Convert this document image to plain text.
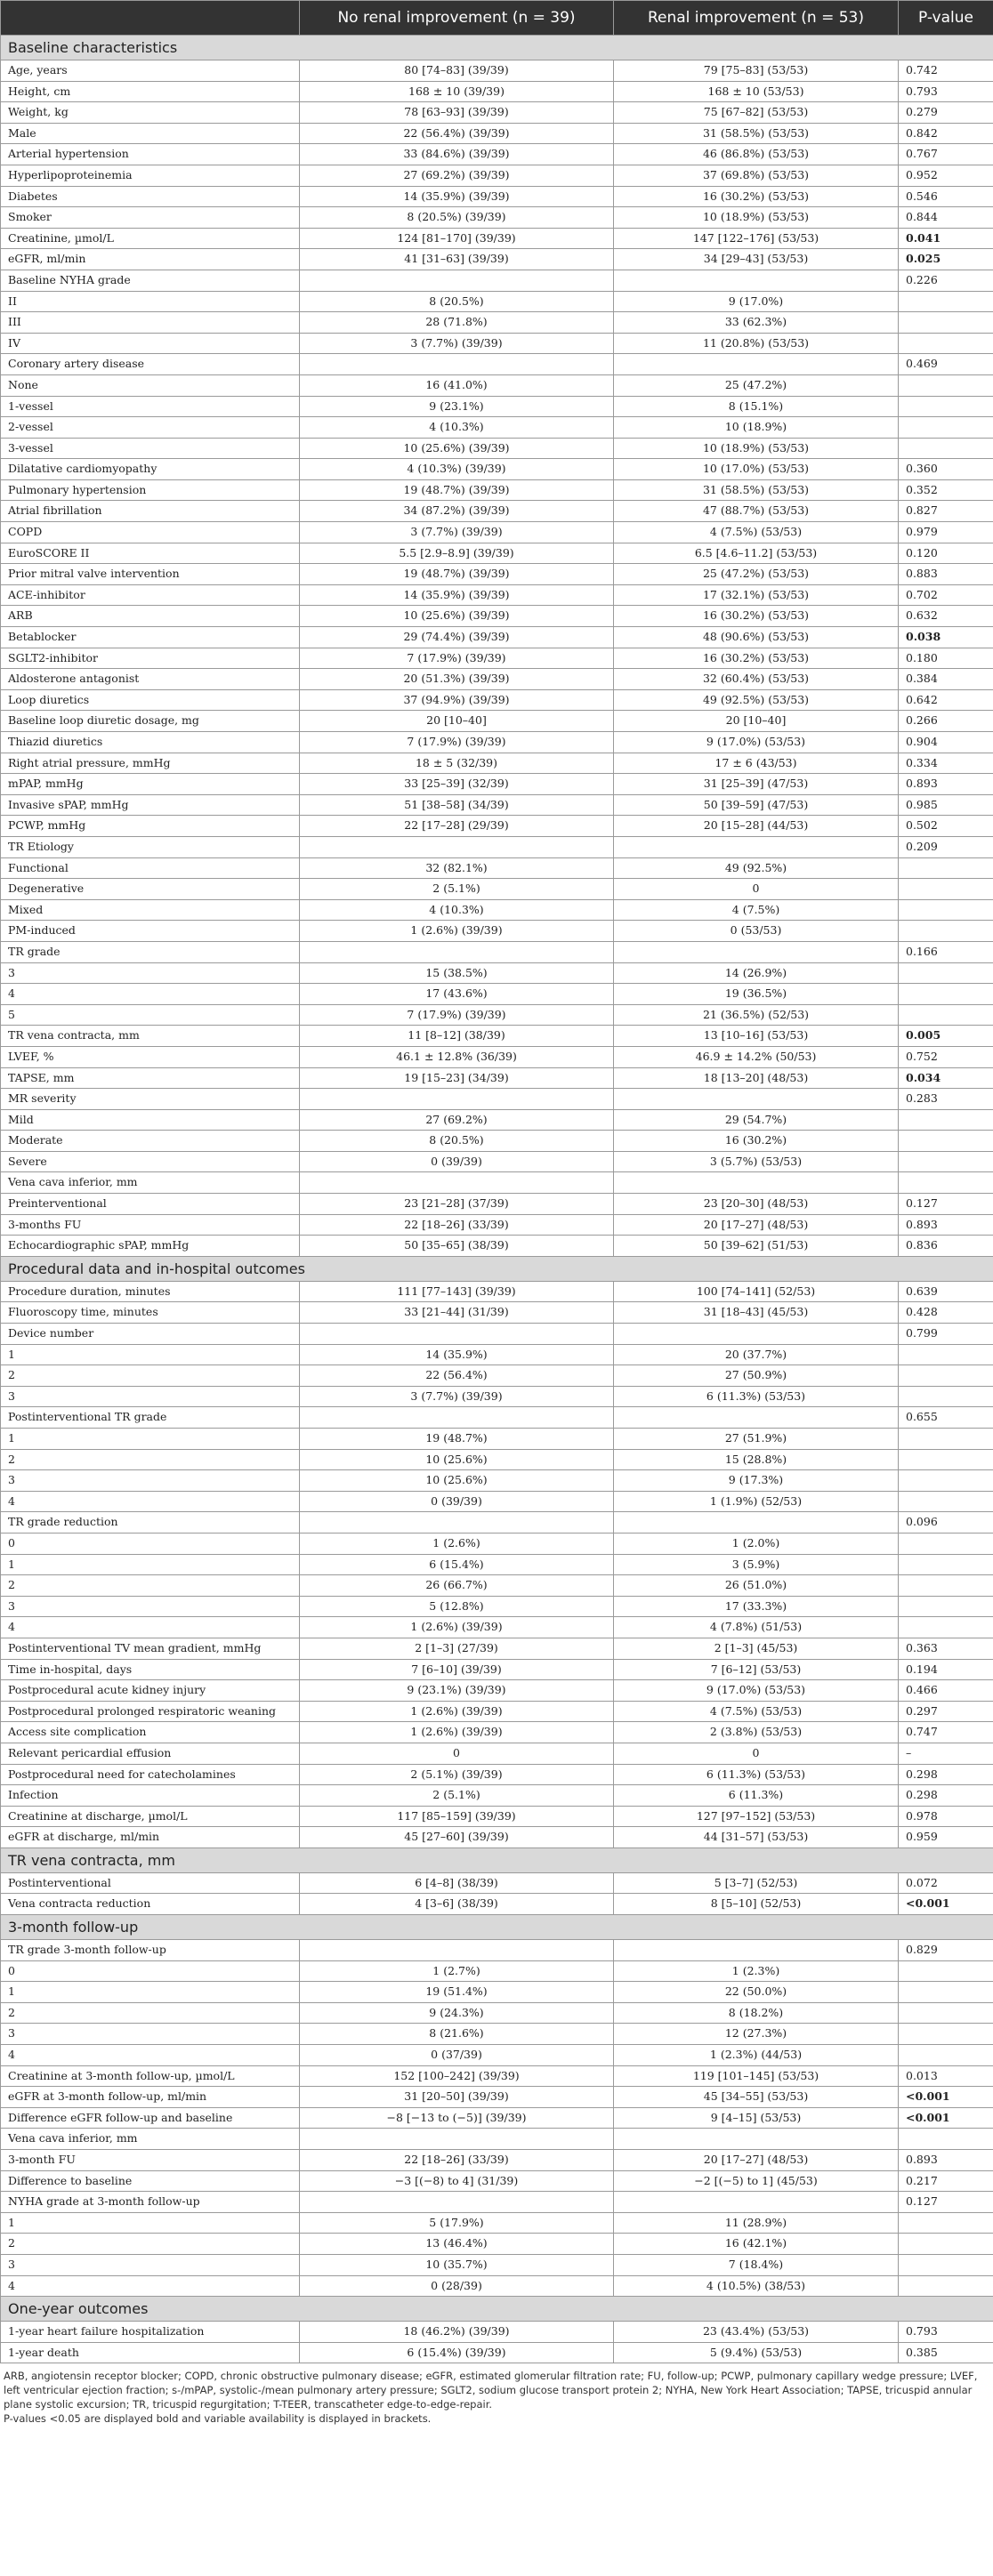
	No renal improvement (n = 39)	Renal improvement (n = 53)	P-value
Baseline characteristics			
Age, years	80 [74–83] (39/39)	79 [75–83] (53/53)	0.742
Height, cm	168 ± 10 (39/39)	168 ± 10 (53/53)	0.793
Weight, kg	78 [63–93] (39/39)	75 [67–82] (53/53)	0.279
Male	22 (56.4%) (39/39)	31 (58.5%) (53/53)	0.842
Arterial hypertension	33 (84.6%) (39/39)	46 (86.8%) (53/53)	0.767
Hyperlipoproteinemia	27 (69.2%) (39/39)	37 (69.8%) (53/53)	0.952
Diabetes	14 (35.9%) (39/39)	16 (30.2%) (53/53)	0.546
Smoker	8 (20.5%) (39/39)	10 (18.9%) (53/53)	0.844
Creatinine, µmol/L	124 [81–170] (39/39)	147 [122–176] (53/53)	0.041
eGFR, ml/min	41 [31–63] (39/39)	34 [29–43] (53/53)	0.025
Baseline NYHA grade			0.226
II	8 (20.5%)	9 (17.0%)	
III	28 (71.8%)	33 (62.3%)	
IV	3 (7.7%) (39/39)	11 (20.8%) (53/53)	
Coronary artery disease			0.469
None	16 (41.0%)	25 (47.2%)	
1-vessel	9 (23.1%)	8 (15.1%)	
2-vessel	4 (10.3%)	10 (18.9%)	
3-vessel	10 (25.6%) (39/39)	10 (18.9%) (53/53)	
Dilatative cardiomyopathy	4 (10.3%) (39/39)	10 (17.0%) (53/53)	0.360
Pulmonary hypertension	19 (48.7%) (39/39)	31 (58.5%) (53/53)	0.352
Atrial fibrillation	34 (87.2%) (39/39)	47 (88.7%) (53/53)	0.827
COPD	3 (7.7%) (39/39)	4 (7.5%) (53/53)	0.979
EuroSCORE II	5.5 [2.9–8.9] (39/39)	6.5 [4.6–11.2] (53/53)	0.120
Prior mitral valve intervention	19 (48.7%) (39/39)	25 (47.2%) (53/53)	0.883
ACE-inhibitor	14 (35.9%) (39/39)	17 (32.1%) (53/53)	0.702
ARB	10 (25.6%) (39/39)	16 (30.2%) (53/53)	0.632
Betablocker	29 (74.4%) (39/39)	48 (90.6%) (53/53)	0.038
SGLT2-inhibitor	7 (17.9%) (39/39)	16 (30.2%) (53/53)	0.180
Aldosterone antagonist	20 (51.3%) (39/39)	32 (60.4%) (53/53)	0.384
Loop diuretics	37 (94.9%) (39/39)	49 (92.5%) (53/53)	0.642
Baseline loop diuretic dosage, mg	20 [10–40]	20 [10–40]	0.266
Thiazid diuretics	7 (17.9%) (39/39)	9 (17.0%) (53/53)	0.904
Right atrial pressure, mmHg	18 ± 5 (32/39)	17 ± 6 (43/53)	0.334
mPAP, mmHg	33 [25–39] (32/39)	31 [25–39] (47/53)	0.893
Invasive sPAP, mmHg	51 [38–58] (34/39)	50 [39–59] (47/53)	0.985
PCWP, mmHg	22 [17–28] (29/39)	20 [15–28] (44/53)	0.502
TR Etiology			0.209
Functional	32 (82.1%)	49 (92.5%)	
Degenerative	2 (5.1%)	0	
Mixed	4 (10.3%)	4 (7.5%)	
PM-induced	1 (2.6%) (39/39)	0 (53/53)	
TR grade			0.166
3	15 (38.5%)	14 (26.9%)	
4	17 (43.6%)	19 (36.5%)	
5	7 (17.9%) (39/39)	21 (36.5%) (52/53)	
TR vena contracta, mm	11 [8–12] (38/39)	13 [10–16] (53/53)	0.005
LVEF, %	46.1 ± 12.8% (36/39)	46.9 ± 14.2% (50/53)	0.752
TAPSE, mm	19 [15–23] (34/39)	18 [13–20] (48/53)	0.034
MR severity			0.283
Mild	27 (69.2%)	29 (54.7%)	
Moderate	8 (20.5%)	16 (30.2%)	
Severe	0 (39/39)	3 (5.7%) (53/53)	
Vena cava inferior, mm			
Preinterventional	23 [21–28] (37/39)	23 [20–30] (48/53)	0.127
3-months FU	22 [18–26] (33/39)	20 [17–27] (48/53)	0.893
Echocardiographic sPAP, mmHg	50 [35–65] (38/39)	50 [39–62] (51/53)	0.836
Procedural data and in-hospital outcomes			
Procedure duration, minutes	111 [77–143] (39/39)	100 [74–141] (52/53)	0.639
Fluoroscopy time, minutes	33 [21–44] (31/39)	31 [18–43] (45/53)	0.428
Device number			0.799
1	14 (35.9%)	20 (37.7%)	
2	22 (56.4%)	27 (50.9%)	
3	3 (7.7%) (39/39)	6 (11.3%) (53/53)	
Postinterventional TR grade			0.655
1	19 (48.7%)	27 (51.9%)	
2	10 (25.6%)	15 (28.8%)	
3	10 (25.6%)	9 (17.3%)	
4	0 (39/39)	1 (1.9%) (52/53)	
TR grade reduction			0.096
0	1 (2.6%)	1 (2.0%)	
1	6 (15.4%)	3 (5.9%)	
2	26 (66.7%)	26 (51.0%)	
3	5 (12.8%)	17 (33.3%)	
4	1 (2.6%) (39/39)	4 (7.8%) (51/53)	
Postinterventional TV mean gradient, mmHg	2 [1–3] (27/39)	2 [1–3] (45/53)	0.363
Time in-hospital, days	7 [6–10] (39/39)	7 [6–12] (53/53)	0.194
Postprocedural acute kidney injury	9 (23.1%) (39/39)	9 (17.0%) (53/53)	0.466
Postprocedural prolonged respiratoric weaning	1 (2.6%) (39/39)	4 (7.5%) (53/53)	0.297
Access site complication	1 (2.6%) (39/39)	2 (3.8%) (53/53)	0.747
Relevant pericardial effusion	0	0	–
Postprocedural need for catecholamines	2 (5.1%) (39/39)	6 (11.3%) (53/53)	0.298
Infection	2 (5.1%)	6 (11.3%)	0.298
Creatinine at discharge, µmol/L	117 [85–159] (39/39)	127 [97–152] (53/53)	0.978
eGFR at discharge, ml/min	45 [27–60] (39/39)	44 [31–57] (53/53)	0.959
TR vena contracta, mm			
Postinterventional	6 [4–8] (38/39)	5 [3–7] (52/53)	0.072
Vena contracta reduction	4 [3–6] (38/39)	8 [5–10] (52/53)	<0.001
3-month follow-up			
TR grade 3-month follow-up			0.829
0	1 (2.7%)	1 (2.3%)	
1	19 (51.4%)	22 (50.0%)	
2	9 (24.3%)	8 (18.2%)	
3	8 (21.6%)	12 (27.3%)	
4	0 (37/39)	1 (2.3%) (44/53)	
Creatinine at 3-month follow-up, µmol/L	152 [100–242] (39/39)	119 [101–145] (53/53)	0.013
eGFR at 3-month follow-up, ml/min	31 [20–50] (39/39)	45 [34–55] (53/53)	<0.001
Difference eGFR follow-up and baseline	−8 [−13 to (−5)] (39/39)	9 [4–15] (53/53)	<0.001
Vena cava inferior, mm			
3-month FU	22 [18–26] (33/39)	20 [17–27] (48/53)	0.893
Difference to baseline	−3 [(−8) to 4] (31/39)	−2 [(−5) to 1] (45/53)	0.217
NYHA grade at 3-month follow-up			0.127
1	5 (17.9%)	11 (28.9%)	
2	13 (46.4%)	16 (42.1%)	
3	10 (35.7%)	7 (18.4%)	
4	0 (28/39)	4 (10.5%) (38/53)	
One-year outcomes			
1-year heart failure hospitalization	18 (46.2%) (39/39)	23 (43.4%) (53/53)	0.793
1-year death	6 (15.4%) (39/39)	5 (9.4%) (53/53)	0.385

ARB, angiotensin receptor blocker; COPD, chronic obstructive pulmonary disease; eGFR, estimated glomerular filtration rate; FU, follow-up; PCWP, pulmonary capillary wedge pressure; LVEF, left ventricular ejection fraction; s-/mPAP, systolic-/mean pulmonary artery pressure; SGLT2, sodium glucose transport protein 2; NYHA, New York Heart Association; TAPSE, tricuspid annular plane systolic excursion; TR, tricuspid regurgitation; T-TEER, transcatheter edge-to-edge-repair.

P-values <0.05 are displayed bold and variable availability is displayed in brackets.
